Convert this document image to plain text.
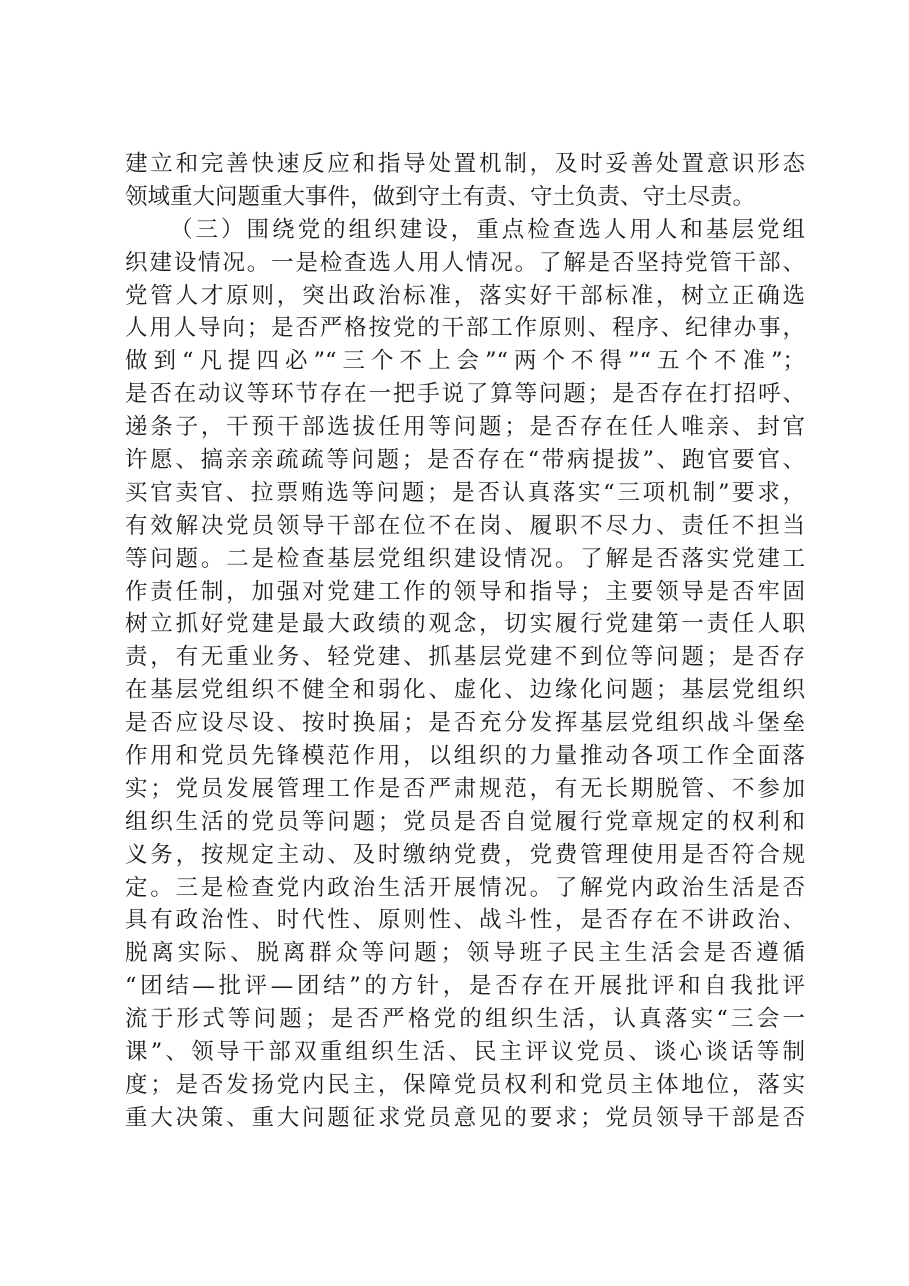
建立和完善快速反应和指导处置机制，及时妥善处置意识形态
领域重大问题重大事件，做到守土有责、守土负责、守土尽责。
（三）围绕党的组织建设，重点检查选人用人和基层党组
织建设情况。一是检查选人用人情况。了解是否坚持党管干部、
党管人才原则，突出政治标准，落实好干部标准，树立正确选
人用人导向；是否严格按党的干部工作原则、程序、纪律办事，
做到“凡提四必”“三个不上会”“两个不得”“五个不准”；
是否在动议等环节存在一把手说了算等问题；是否存在打招呼、
递条子，干预干部选拔任用等问题；是否存在任人唯亲、封官
许愿、搞亲亲疏疏等问题；是否存在“带病提拔”、跑官要官、
买官卖官、拉票贿选等问题；是否认真落实“三项机制”要求，
有效解决党员领导干部在位不在岗、履职不尽力、责任不担当
等问题。二是检查基层党组织建设情况。了解是否落实党建工
作责任制，加强对党建工作的领导和指导；主要领导是否牢固
树立抓好党建是最大政绩的观念，切实履行党建第一责任人职
责，有无重业务、轻党建、抓基层党建不到位等问题；是否存
在基层党组织不健全和弱化、虚化、边缘化问题；基层党组织
是否应设尽设、按时换届；是否充分发挥基层党组织战斗堡垒
作用和党员先锋模范作用，以组织的力量推动各项工作全面落
实；党员发展管理工作是否严肃规范，有无长期脱管、不参加
组织生活的党员等问题；党员是否自觉履行党章规定的权利和
义务，按规定主动、及时缴纳党费，党费管理使用是否符合规
定。三是检查党内政治生活开展情况。了解党内政治生活是否
具有政治性、时代性、原则性、战斗性，是否存在不讲政治、
脱离实际、脱离群众等问题；领导班子民主生活会是否遵循
“团结—批评—团结”的方针，是否存在开展批评和自我批评
流于形式等问题；是否严格党的组织生活，认真落实“三会一
课”、领导干部双重组织生活、民主评议党员、谈心谈话等制
度；是否发扬党内民主，保障党员权利和党员主体地位，落实
重大决策、重大问题征求党员意见的要求；党员领导干部是否
